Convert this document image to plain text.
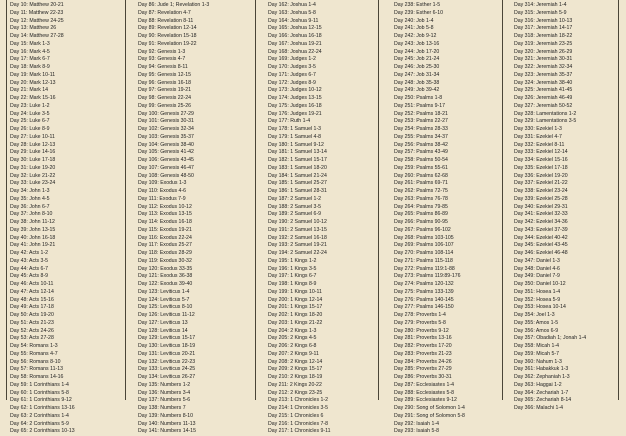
Day 10: Matthew 20-21
Day 11: Matthew 22-23
Day 12: Matthew 24-25
Day 13: Matthew 26
Day 14: Matthew 27-28
Day 15: Mark 1-3
Day 16: Mark 4-5
Day 17: Mark 6-7
Day 18: Mark 8-9
Day 19: Mark 10-11
Day 20: Mark 12-13
Day 21: Mark 14
Day 22: Mark 15-16
Day 23: Luke 1-2
Day 24: Luke 3-5
Day 25: Luke 6-7
Day 26: Luke 8-9
Day 27: Luke 10-11
Day 28: Luke 12-13
Day 29: Luke 14-16
Day 30: Luke 17-18
Day 31: Luke 19-20
Day 32: Luke 21-22
Day 33: Luke 23-24
Day 34: John 1-3
Day 35: John 4-5
Day 36: John 6-7
Day 37: John 8-10
Day 38: John 11-12
Day 39: John 13-15
Day 40: John 16-18
Day 41: John 19-21
Day 42: Acts 1-2
Day 43: Acts 3-5
Day 44: Acts 6-7
Day 45: Acts 8-9
Day 46: Acts 10-11
Day 47: Acts 12-14
Day 48: Acts 15-16
Day 49: Acts 17-18
Day 50: Acts 19-20
Day 51: Acts 21-23
Day 52: Acts 24-26
Day 53: Acts 27-28
Day 54: Romans 1-3
Day 55: Romans 4-7
Day 56: Romans 8-10
Day 57: Romans 11-13
Day 58: Romans 14-16
Day 59: 1 Corinthians 1-4
Day 60: 1 Corinthians 5-8
Day 61: 1 Corinthians 9-12
Day 62: 1 Corinthians 13-16
Day 63: 2 Corinthians 1-4
Day 64: 2 Corinthians 5-9
Day 65: 2 Corinthians 10-13
Day 86: Jude 1; Revelation 1-3
Day 87: Revelation 4-7
Day 88: Revelation 8-11
Day 89: Revelation 12-14
Day 90: Revelation 15-18
Day 91: Revelation 19-22
Day 92: Genesis 1-3
Day 93: Genesis 4-7
Day 94: Genesis 8-11
Day 95: Genesis 12-15
Day 96: Genesis 16-18
Day 97: Genesis 19-21
Day 98: Genesis 22-24
Day 99: Genesis 25-26
Day 100: Genesis 27-29
Day 101: Genesis 30-31
Day 102: Genesis 32-34
Day 103: Genesis 35-37
Day 104: Genesis 38-40
Day 105: Genesis 41-42
Day 106: Genesis 43-45
Day 107: Genesis 46-47
Day 108: Genesis 48-50
Day 109: Exodus 1-3
Day 110: Exodus 4-6
Day 111: Exodus 7-9
Day 112: Exodus 10-12
Day 113: Exodus 13-15
Day 114: Exodus 16-18
Day 115: Exodus 19-21
Day 116: Exodus 22-24
Day 117: Exodus 25-27
Day 118: Exodus 28-29
Day 119: Exodus 30-32
Day 120: Exodus 33-35
Day 121: Exodus 36-38
Day 122: Exodus 39-40
Day 123: Leviticus 1-4
Day 124: Leviticus 5-7
Day 125: Leviticus 8-10
Day 126: Leviticus 11-12
Day 127: Leviticus 13
Day 128: Leviticus 14
Day 129: Leviticus 15-17
Day 130: Leviticus 18-19
Day 131: Leviticus 20-21
Day 132: Leviticus 22-23
Day 133: Leviticus 24-25
Day 134: Leviticus 26-27
Day 135: Numbers 1-2
Day 136: Numbers 3-4
Day 137: Numbers 5-6
Day 138: Numbers 7
Day 139: Numbers 8-10
Day 140: Numbers 11-13
Day 141: Numbers 14-15
Day 162: Joshua 1-4
Day 163: Joshua 5-8
Day 164: Joshua 9-11
Day 165: Joshua 12-15
Day 166: Joshua 16-18
Day 167: Joshua 19-21
Day 168: Joshua 22-24
Day 169: Judges 1-2
Day 170: Judges 3-5
Day 171: Judges 6-7
Day 172: Judges 8-9
Day 173: Judges 10-12
Day 174: Judges 13-15
Day 175: Judges 16-18
Day 176: Judges 19-21
Day 177: Ruth 1-4
Day 178: 1 Samuel 1-3
Day 179: 1 Samuel 4-8
Day 180: 1 Samuel 9-12
Day 181: 1 Samuel 13-14
Day 182: 1 Samuel 15-17
Day 183: 1 Samuel 18-20
Day 184: 1 Samuel 21-24
Day 185: 1 Samuel 25-27
Day 186: 1 Samuel 28-31
Day 187: 2 Samuel 1-2
Day 188: 2 Samuel 3-5
Day 189: 2 Samuel 6-9
Day 190: 2 Samuel 10-12
Day 191: 2 Samuel 13-15
Day 192: 2 Samuel 16-18
Day 193: 2 Samuel 19-21
Day 194: 2 Samuel 22-24
Day 195: 1 Kings 1-2
Day 196: 1 Kings 3-5
Day 197: 1 Kings 6-7
Day 198: 1 Kings 8-9
Day 199: 1 Kings 10-11
Day 200: 1 Kings 12-14
Day 201: 1 Kings 15-17
Day 202: 1 Kings 18-20
Day 203: 1 Kings 21-22
Day 204: 2 Kings 1-3
Day 205: 2 Kings 4-5
Day 206: 2 Kings 6-8
Day 207: 2 Kings 9-11
Day 208: 2 Kings 12-14
Day 209: 2 Kings 15-17
Day 210: 2 Kings 18-19
Day 211: 2 Kings 20-22
Day 212: 2 Kings 23-25
Day 213: 1 Chronicles 1-2
Day 214: 1 Chronicles 3-5
Day 215: 1 Chronicles 6
Day 216: 1 Chronicles 7-8
Day 217: 1 Chronicles 9-11
Day 238: Esther 1-5
Day 239: Esther 6-10
Day 240: Job 1-4
Day 241: Job 5-8
Day 242: Job 9-12
Day 243: Job 13-16
Day 244: Job 17-20
Day 245: Job 21-24
Day 246: Job 25-30
Day 247: Job 31-34
Day 248: Job 35-38
Day 249: Job 39-42
Day 250: Psalms 1-8
Day 251: Psalms 9-17
Day 252: Psalms 18-21
Day 253: Psalms 22-27
Day 254: Psalms 28-33
Day 255: Psalms 34-37
Day 256: Psalms 38-42
Day 257: Psalms 43-49
Day 258: Psalms 50-54
Day 259: Psalms 55-61
Day 260: Psalms 62-68
Day 261: Psalms 69-71
Day 262: Psalms 72-75
Day 263: Psalms 76-78
Day 264: Psalms 79-85
Day 265: Psalms 86-89
Day 266: Psalms 90-95
Day 267: Psalms 96-102
Day 268: Psalms 103-105
Day 269: Psalms 106-107
Day 270: Psalms 108-114
Day 271: Psalms 115-118
Day 272: Psalms 119:1-88
Day 273: Psalms 119:89-176
Day 274: Psalms 120-132
Day 275: Psalms 133-139
Day 276: Psalms 140-145
Day 277: Psalms 146-150
Day 278: Proverbs 1-4
Day 279: Proverbs 5-8
Day 280: Proverbs 9-12
Day 281: Proverbs 13-16
Day 282: Proverbs 17-20
Day 283: Proverbs 21-23
Day 284: Proverbs 24-26
Day 285: Proverbs 27-29
Day 286: Proverbs 30-31
Day 287: Ecclesiastes 1-4
Day 288: Ecclesiastes 5-8
Day 289: Ecclesiastes 9-12
Day 290: Song of Solomon 1-4
Day 291: Song of Solomon 5-8
Day 292: Isaiah 1-4
Day 293: Isaiah 5-8
Day 314: Jeremiah 1-4
Day 315: Jeremiah 5-9
Day 316: Jeremiah 10-13
Day 317: Jeremiah 14-17
Day 318: Jeremiah 18-22
Day 319: Jeremiah 23-25
Day 320: Jeremiah 26-29
Day 321: Jeremiah 30-31
Day 322: Jeremiah 32-34
Day 323: Jeremiah 35-37
Day 324: Jeremiah 38-40
Day 325: Jeremiah 41-45
Day 326: Jeremiah 46-49
Day 327: Jeremiah 50-52
Day 328: Lamentations 1-2
Day 329: Lamentations 3-5
Day 330: Ezekiel 1-3
Day 331: Ezekiel 4-7
Day 332: Ezekiel 8-11
Day 333: Ezekiel 12-14
Day 334: Ezekiel 15-16
Day 335: Ezekiel 17-18
Day 336: Ezekiel 19-20
Day 337: Ezekiel 21-22
Day 338: Ezekiel 23-24
Day 339: Ezekiel 25-28
Day 340: Ezekiel 29-31
Day 341: Ezekiel 32-33
Day 342: Ezekiel 34-36
Day 343: Ezekiel 37-39
Day 344: Ezekiel 40-42
Day 345: Ezekiel 43-45
Day 346: Ezekiel 46-48
Day 347: Daniel 1-3
Day 348: Daniel 4-6
Day 349: Daniel 7-9
Day 350: Daniel 10-12
Day 351: Hosea 1-4
Day 352: Hosea 5-9
Day 353: Hosea 10-14
Day 354: Joel 1-3
Day 355: Amos 1-5
Day 356: Amos 6-9
Day 357: Obadiah 1; Jonah 1-4
Day 358: Micah 1-4
Day 359: Micah 5-7
Day 360: Nahum 1-3
Day 361: Habakkuk 1-3
Day 362: Zephaniah 1-3
Day 363: Haggai 1-2
Day 364: Zechariah 1-7
Day 365: Zechariah 8-14
Day 366: Malachi 1-4
